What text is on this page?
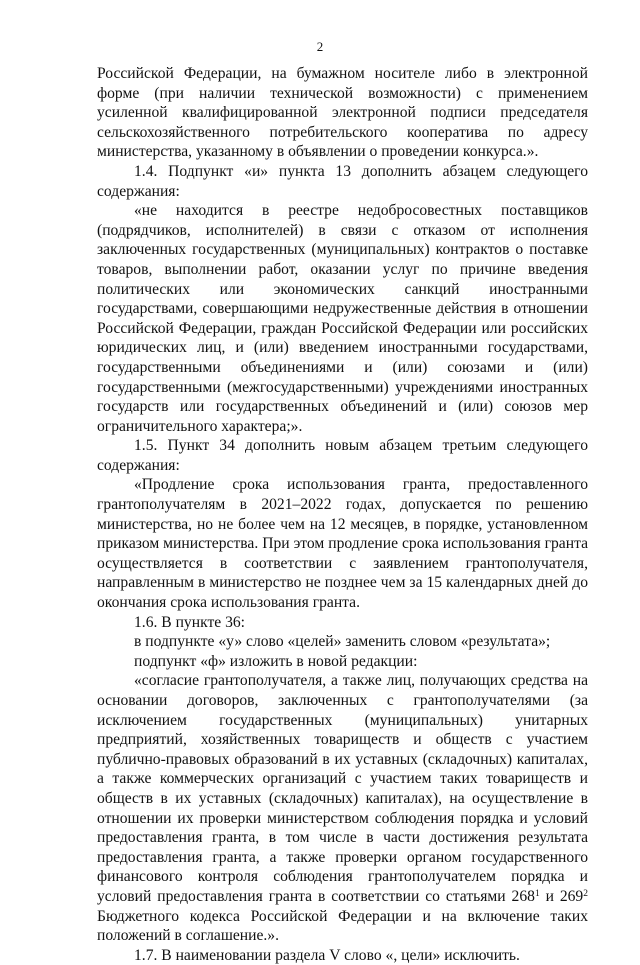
2

Российской Федерации, на бумажном носителе либо в электронной форме (при наличии технической возможности) с применением усиленной квалифицированной электронной подписи председателя сельскохозяйственного потребительского кооператива по адресу министерства, указанному в объявлении о проведении конкурса.».

1.4. Подпункт «и» пункта 13 дополнить абзацем следующего содержания:

«не находится в реестре недобросовестных поставщиков (подрядчиков, исполнителей) в связи с отказом от исполнения заключенных государственных (муниципальных) контрактов о поставке товаров, выполнении работ, оказании услуг по причине введения политических или экономических санкций иностранными государствами, совершающими недружественные действия в отношении Российской Федерации, граждан Российской Федерации или российских юридических лиц, и (или) введением иностранными государствами, государственными объединениями и (или) союзами и (или) государственными (межгосударственными) учреждениями иностранных государств или государственных объединений и (или) союзов мер ограничительного характера;».

1.5. Пункт 34 дополнить новым абзацем третьим следующего содержания:

«Продление срока использования гранта, предоставленного грантополучателям в 2021–2022 годах, допускается по решению министерства, но не более чем на 12 месяцев, в порядке, установленном приказом министерства. При этом продление срока использования гранта осуществляется в соответствии с заявлением грантополучателя, направленным в министерство не позднее чем за 15 календарных дней до окончания срока использования гранта.

1.6. В пункте 36:

в подпункте «у» слово «целей» заменить словом «результата»;

подпункт «ф» изложить в новой редакции:

«согласие грантополучателя, а также лиц, получающих средства на основании договоров, заключенных с грантополучателями (за исключением государственных (муниципальных) унитарных предприятий, хозяйственных товариществ и обществ с участием публично-правовых образований в их уставных (складочных) капиталах, а также коммерческих организаций с участием таких товариществ и обществ в их уставных (складочных) капиталах), на осуществление в отношении их проверки министерством соблюдения порядка и условий предоставления гранта, в том числе в части достижения результата предоставления гранта, а также проверки органом государственного финансового контроля соблюдения грантополучателем порядка и условий предоставления гранта в соответствии со статьями $268^1$ и $269^2$ Бюджетного кодекса Российской Федерации и на включение таких положений в соглашение.».

1.7. В наименовании раздела V слово «, цели» исключить.
